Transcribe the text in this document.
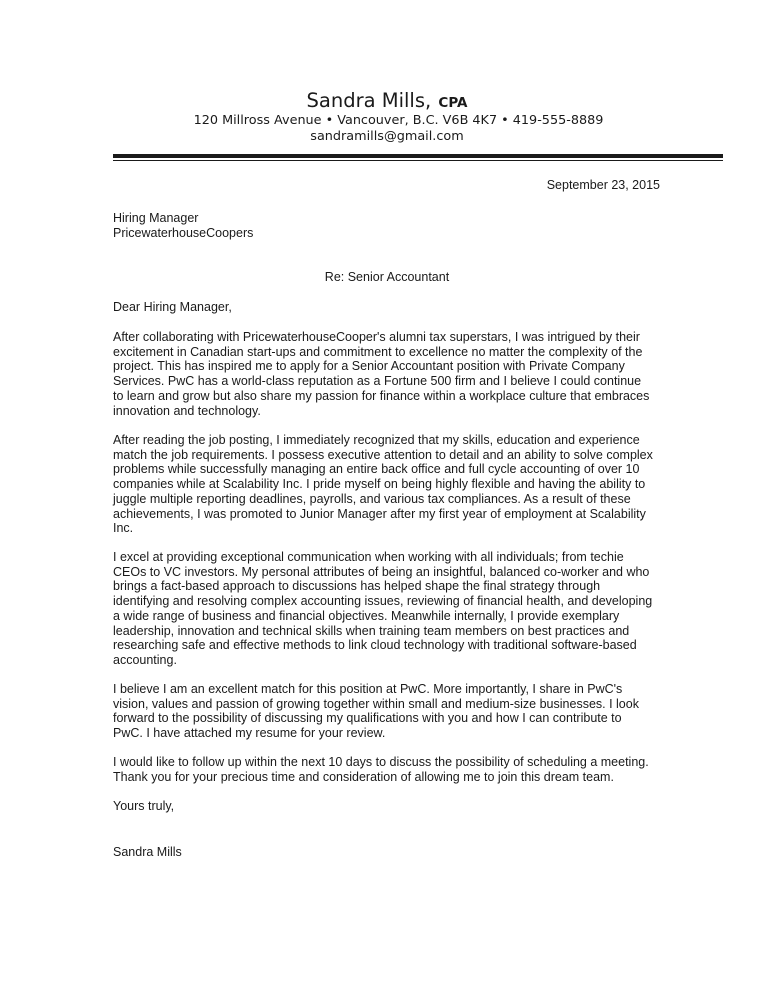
Sandra Mills, CPA
120 Millross Avenue • Vancouver, B.C. V6B 4K7 • 419-555-8889
sandramills@gmail.com
September 23, 2015
Hiring Manager
PricewaterhouseCoopers
Re: Senior Accountant
Dear Hiring Manager,
After collaborating with PricewaterhouseCooper's alumni tax superstars, I was intrigued by their
excitement in Canadian start-ups and commitment to excellence no matter the complexity of the
project. This has inspired me to apply for a Senior Accountant position with Private Company
Services. PwC has a world-class reputation as a Fortune 500 firm and I believe I could continue
to learn and grow but also share my passion for finance within a workplace culture that embraces
innovation and technology.
After reading the job posting, I immediately recognized that my skills, education and experience
match the job requirements. I possess executive attention to detail and an ability to solve complex
problems while successfully managing an entire back office and full cycle accounting of over 10
companies while at Scalability Inc. I pride myself on being highly flexible and having the ability to
juggle multiple reporting deadlines, payrolls, and various tax compliances. As a result of these
achievements, I was promoted to Junior Manager after my first year of employment at Scalability
Inc.
I excel at providing exceptional communication when working with all individuals; from techie
CEOs to VC investors. My personal attributes of being an insightful, balanced co-worker and who
brings a fact-based approach to discussions has helped shape the final strategy through
identifying and resolving complex accounting issues, reviewing of financial health, and developing
a wide range of business and financial objectives. Meanwhile internally, I provide exemplary
leadership, innovation and technical skills when training team members on best practices and
researching safe and effective methods to link cloud technology with traditional software-based
accounting.
I believe I am an excellent match for this position at PwC. More importantly, I share in PwC's
vision, values and passion of growing together within small and medium-size businesses. I look
forward to the possibility of discussing my qualifications with you and how I can contribute to
PwC. I have attached my resume for your review.
I would like to follow up within the next 10 days to discuss the possibility of scheduling a meeting.
Thank you for your precious time and consideration of allowing me to join this dream team.
Yours truly,
Sandra Mills
